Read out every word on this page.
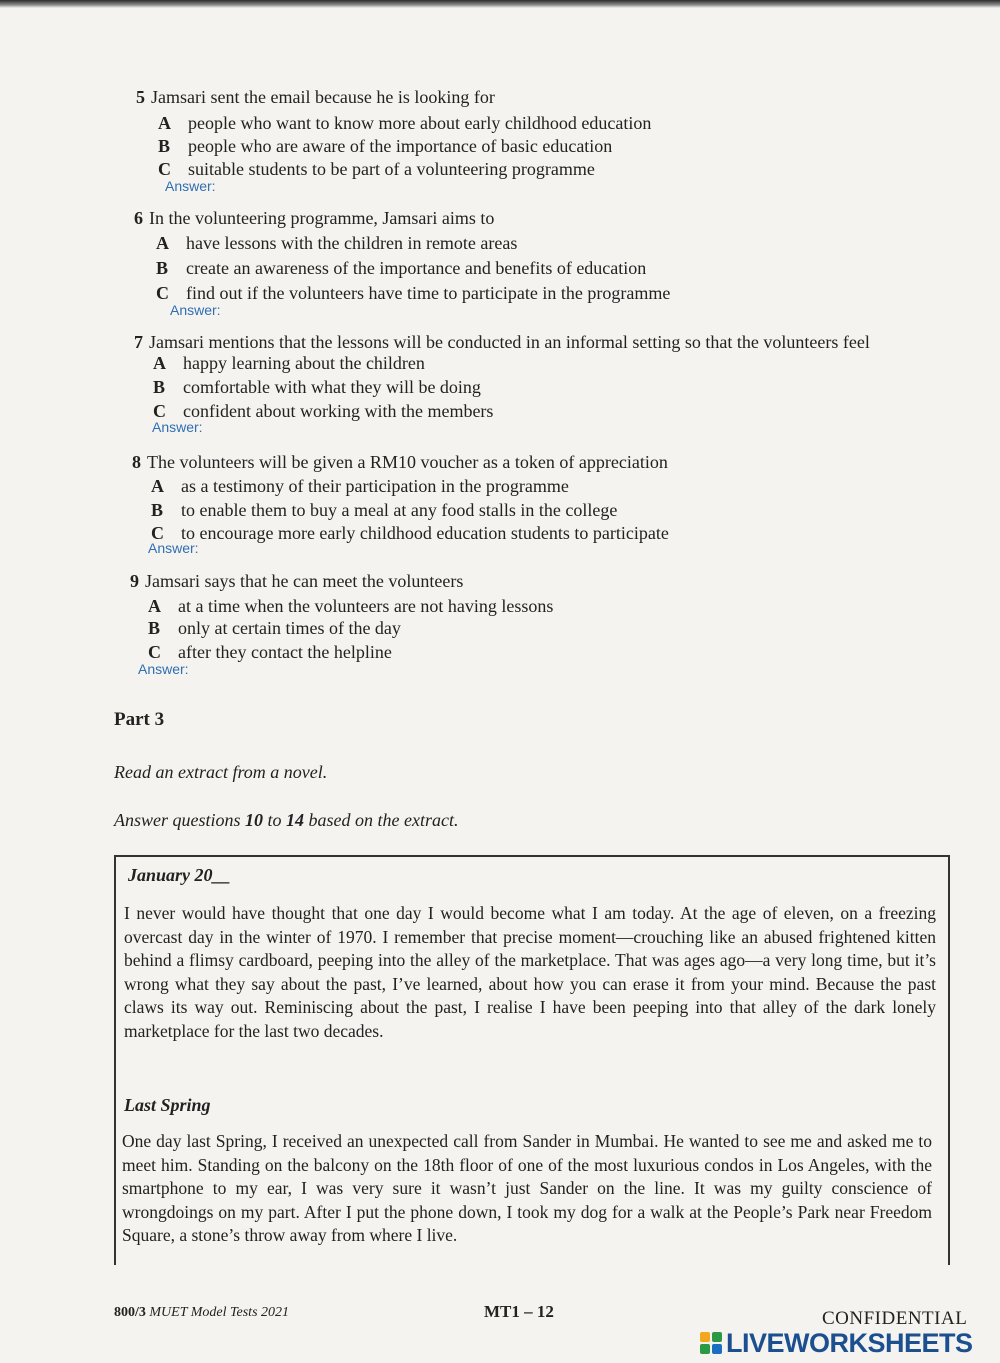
5 Jamsari sent the email because he is looking for
A people who want to know more about early childhood education
B people who are aware of the importance of basic education
C suitable students to be part of a volunteering programme
Answer:
6 In the volunteering programme, Jamsari aims to
A have lessons with the children in remote areas
B create an awareness of the importance and benefits of education
C find out if the volunteers have time to participate in the programme
Answer:
7 Jamsari mentions that the lessons will be conducted in an informal setting so that the volunteers feel
A happy learning about the children
B comfortable with what they will be doing
C confident about working with the members
Answer:
8 The volunteers will be given a RM10 voucher as a token of appreciation
A as a testimony of their participation in the programme
B to enable them to buy a meal at any food stalls in the college
C to encourage more early childhood education students to participate
Answer:
9 Jamsari says that he can meet the volunteers
A at a time when the volunteers are not having lessons
B only at certain times of the day
C after they contact the helpline
Answer:
Part 3
Read an extract from a novel.
Answer questions 10 to 14 based on the extract.
January 20__
I never would have thought that one day I would become what I am today. At the age of eleven, on a freezing overcast day in the winter of 1970. I remember that precise moment—crouching like an abused frightened kitten behind a flimsy cardboard, peeping into the alley of the marketplace. That was ages ago—a very long time, but it’s wrong what they say about the past, I’ve learned, about how you can erase it from your mind. Because the past claws its way out. Reminiscing about the past, I realise I have been peeping into that alley of the dark lonely marketplace for the last two decades.
Last Spring
One day last Spring, I received an unexpected call from Sander in Mumbai. He wanted to see me and asked me to meet him. Standing on the balcony on the 18th floor of one of the most luxurious condos in Los Angeles, with the smartphone to my ear, I was very sure it wasn’t just Sander on the line. It was my guilty conscience of wrongdoings on my part. After I put the phone down, I took my dog for a walk at the People’s Park near Freedom Square, a stone’s throw away from where I live.
800/3 MUET Model Tests 2021	MT1 – 12	CONFIDENTIAL
LIVEWORKSHEETS
